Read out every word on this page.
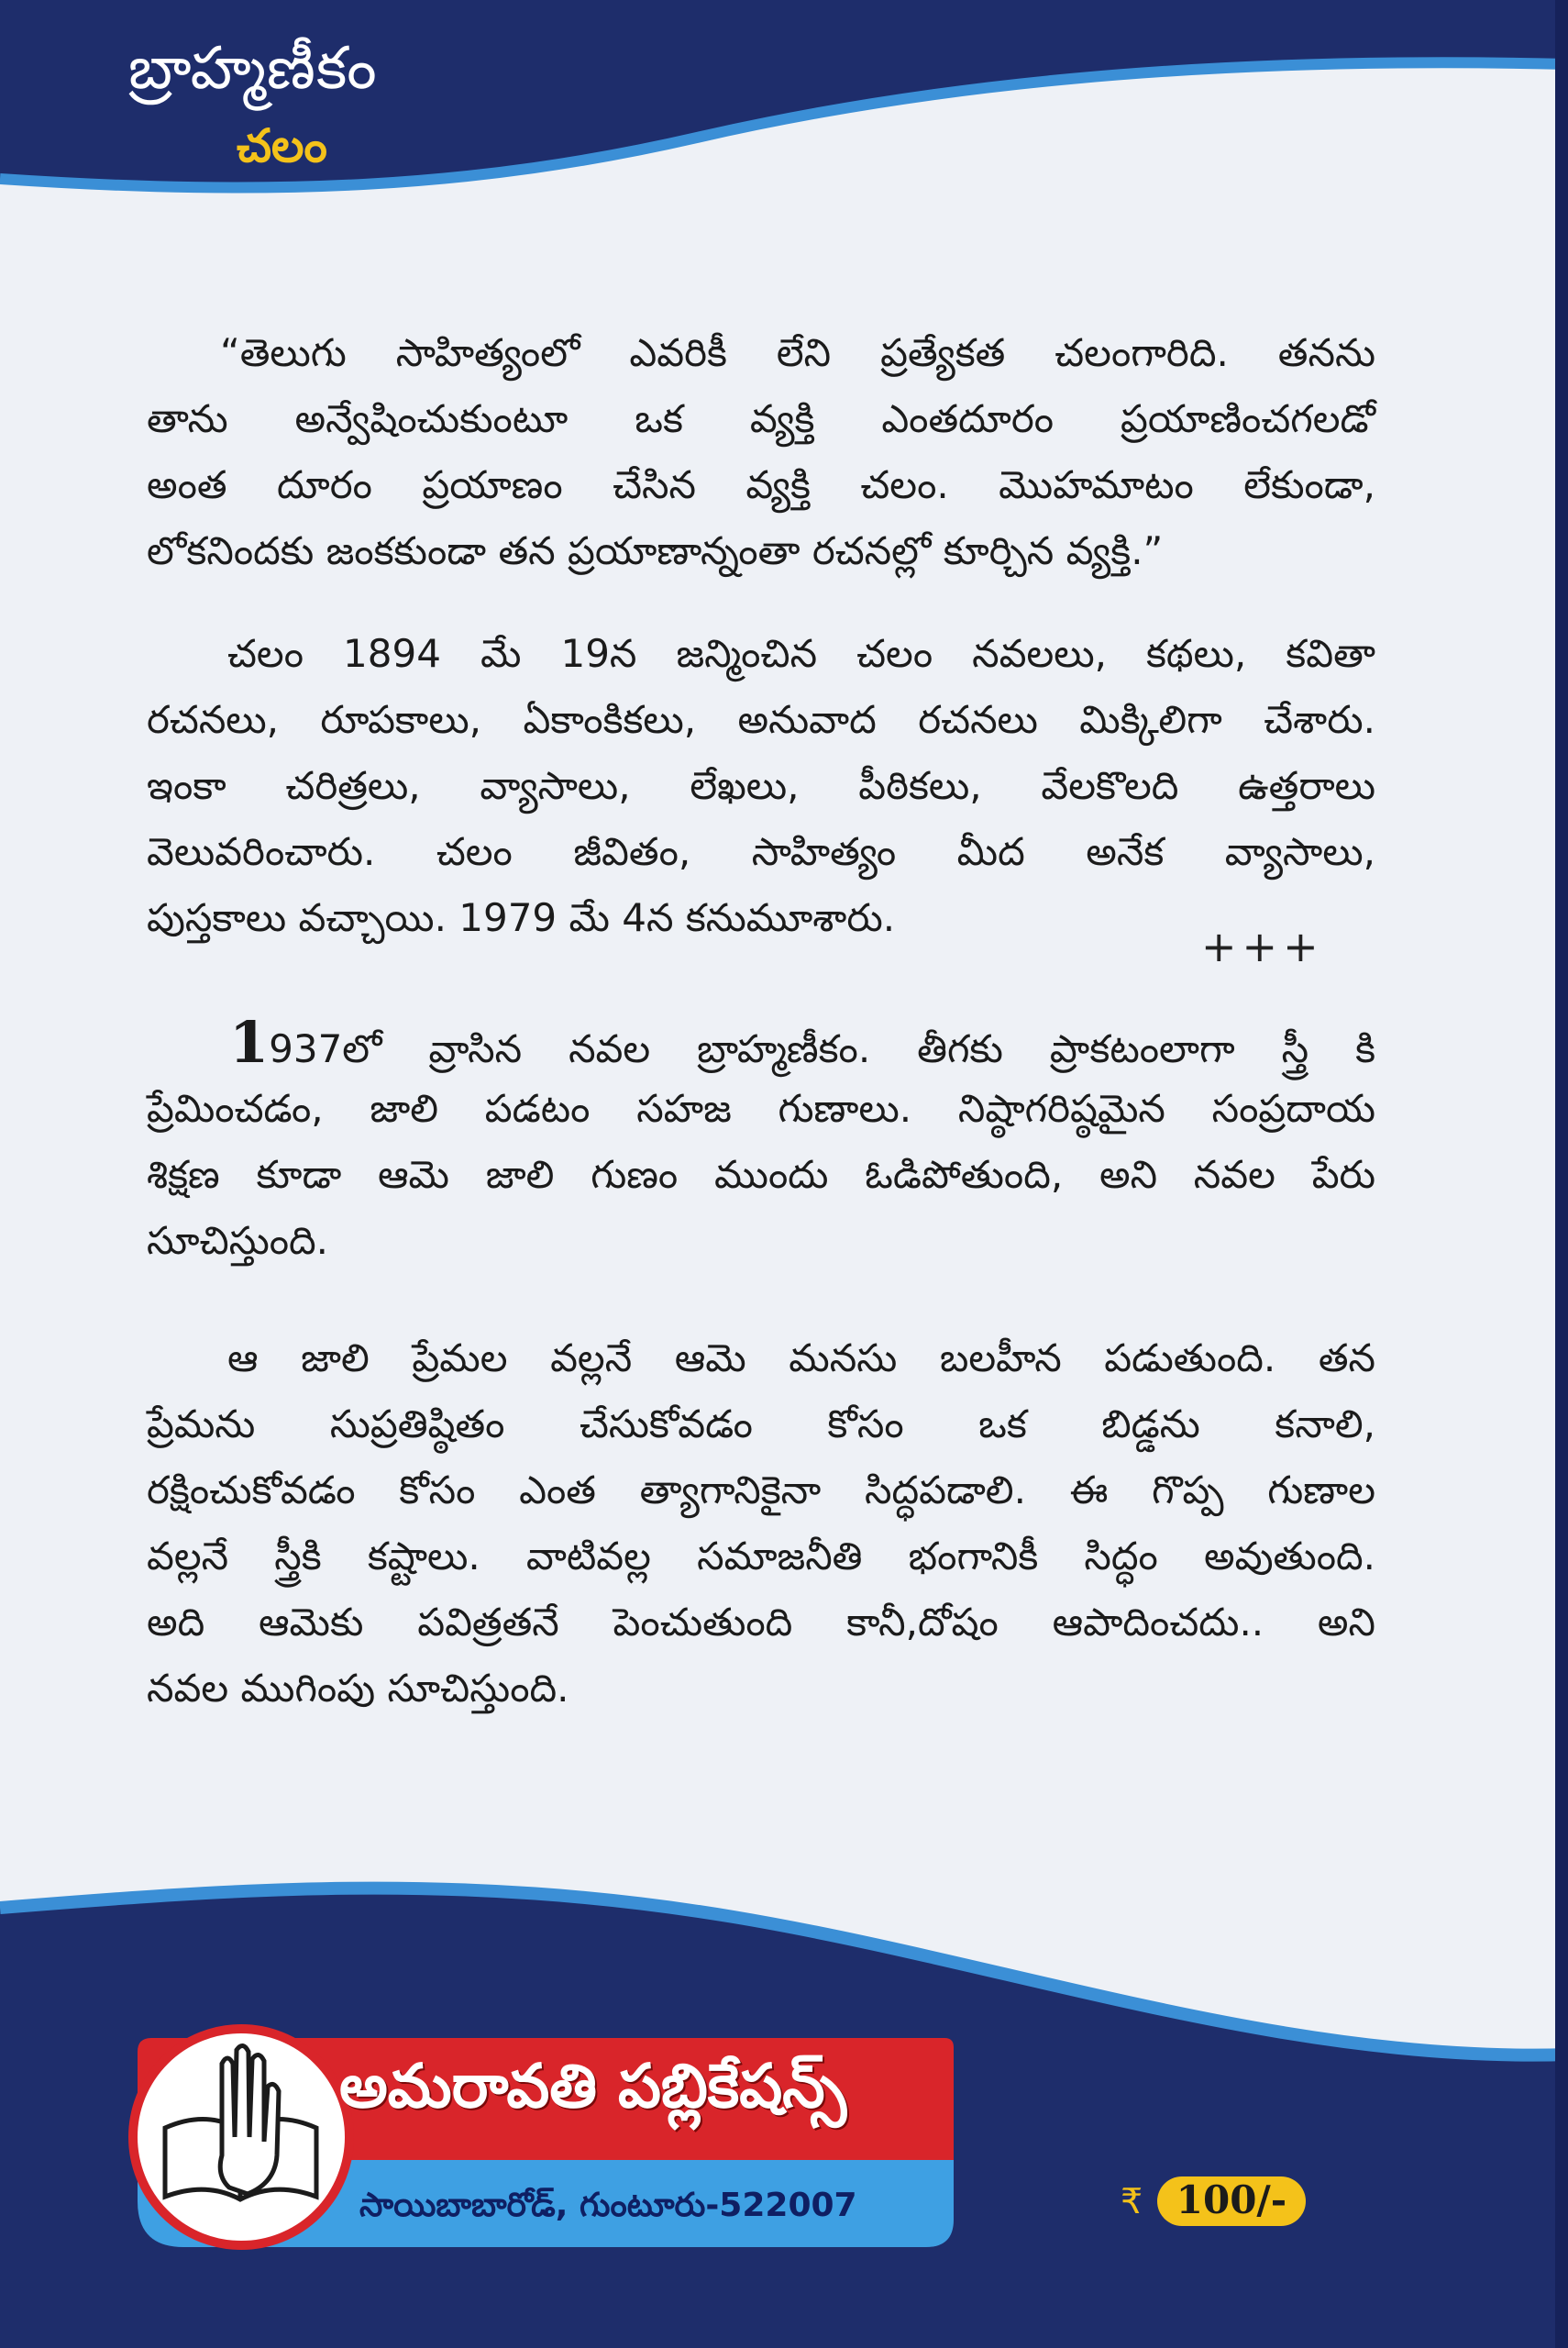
బ్రాహ్మణీకం
చలం
“తెలుగు సాహిత్యంలో ఎవరికీ లేని ప్రత్యేకత చలంగారిది. తనను
తాను అన్వేషించుకుంటూ ఒక వ్యక్తి ఎంతదూరం ప్రయాణించగలడో
అంత దూరం ప్రయాణం చేసిన వ్యక్తి చలం. మొహమాటం లేకుండా,
లోకనిందకు జంకకుండా తన ప్రయాణాన్నంతా రచనల్లో కూర్చిన వ్యక్తి.”
చలం 1894 మే 19న జన్మించిన చలం నవలలు, కథలు, కవితా
రచనలు, రూపకాలు, ఏకాంకికలు, అనువాద రచనలు మిక్కిలిగా చేశారు.
ఇంకా చరిత్రలు, వ్యాసాలు, లేఖలు, పీఠికలు, వేలకొలది ఉత్తరాలు
వెలువరించారు. చలం జీవితం, సాహిత్యం మీద అనేక వ్యాసాలు,
పుస్తకాలు వచ్చాయి. 1979 మే 4న కనుమూశారు.
+++
1937లో వ్రాసిన నవల బ్రాహ్మణీకం. తీగకు ప్రాకటంలాగా స్త్రీ కి
ప్రేమించడం, జాలి పడటం సహజ గుణాలు. నిష్ఠాగరిష్ఠమైన సంప్రదాయ
శిక్షణ కూడా ఆమె జాలి గుణం ముందు ఓడిపోతుంది, అని నవల పేరు
సూచిస్తుంది.
ఆ జాలి ప్రేమల వల్లనే ఆమె మనసు బలహీన పడుతుంది. తన
ప్రేమను సుప్రతిష్ఠితం చేసుకోవడం కోసం ఒక బిడ్డను కనాలి,
రక్షించుకోవడం కోసం ఎంత త్యాగానికైనా సిద్ధపడాలి. ఈ గొప్ప గుణాల
వల్లనే స్త్రీకి కష్టాలు. వాటివల్ల సమాజనీతి భంగానికీ సిద్ధం అవుతుంది.
అది ఆమెకు పవిత్రతనే పెంచుతుంది కానీ,దోషం ఆపాదించదు.. అని
నవల ముగింపు సూచిస్తుంది.
అమరావతి పబ్లికేషన్స్
సాయిబాబారోడ్, గుంటూరు-522007	₹ 100/-
